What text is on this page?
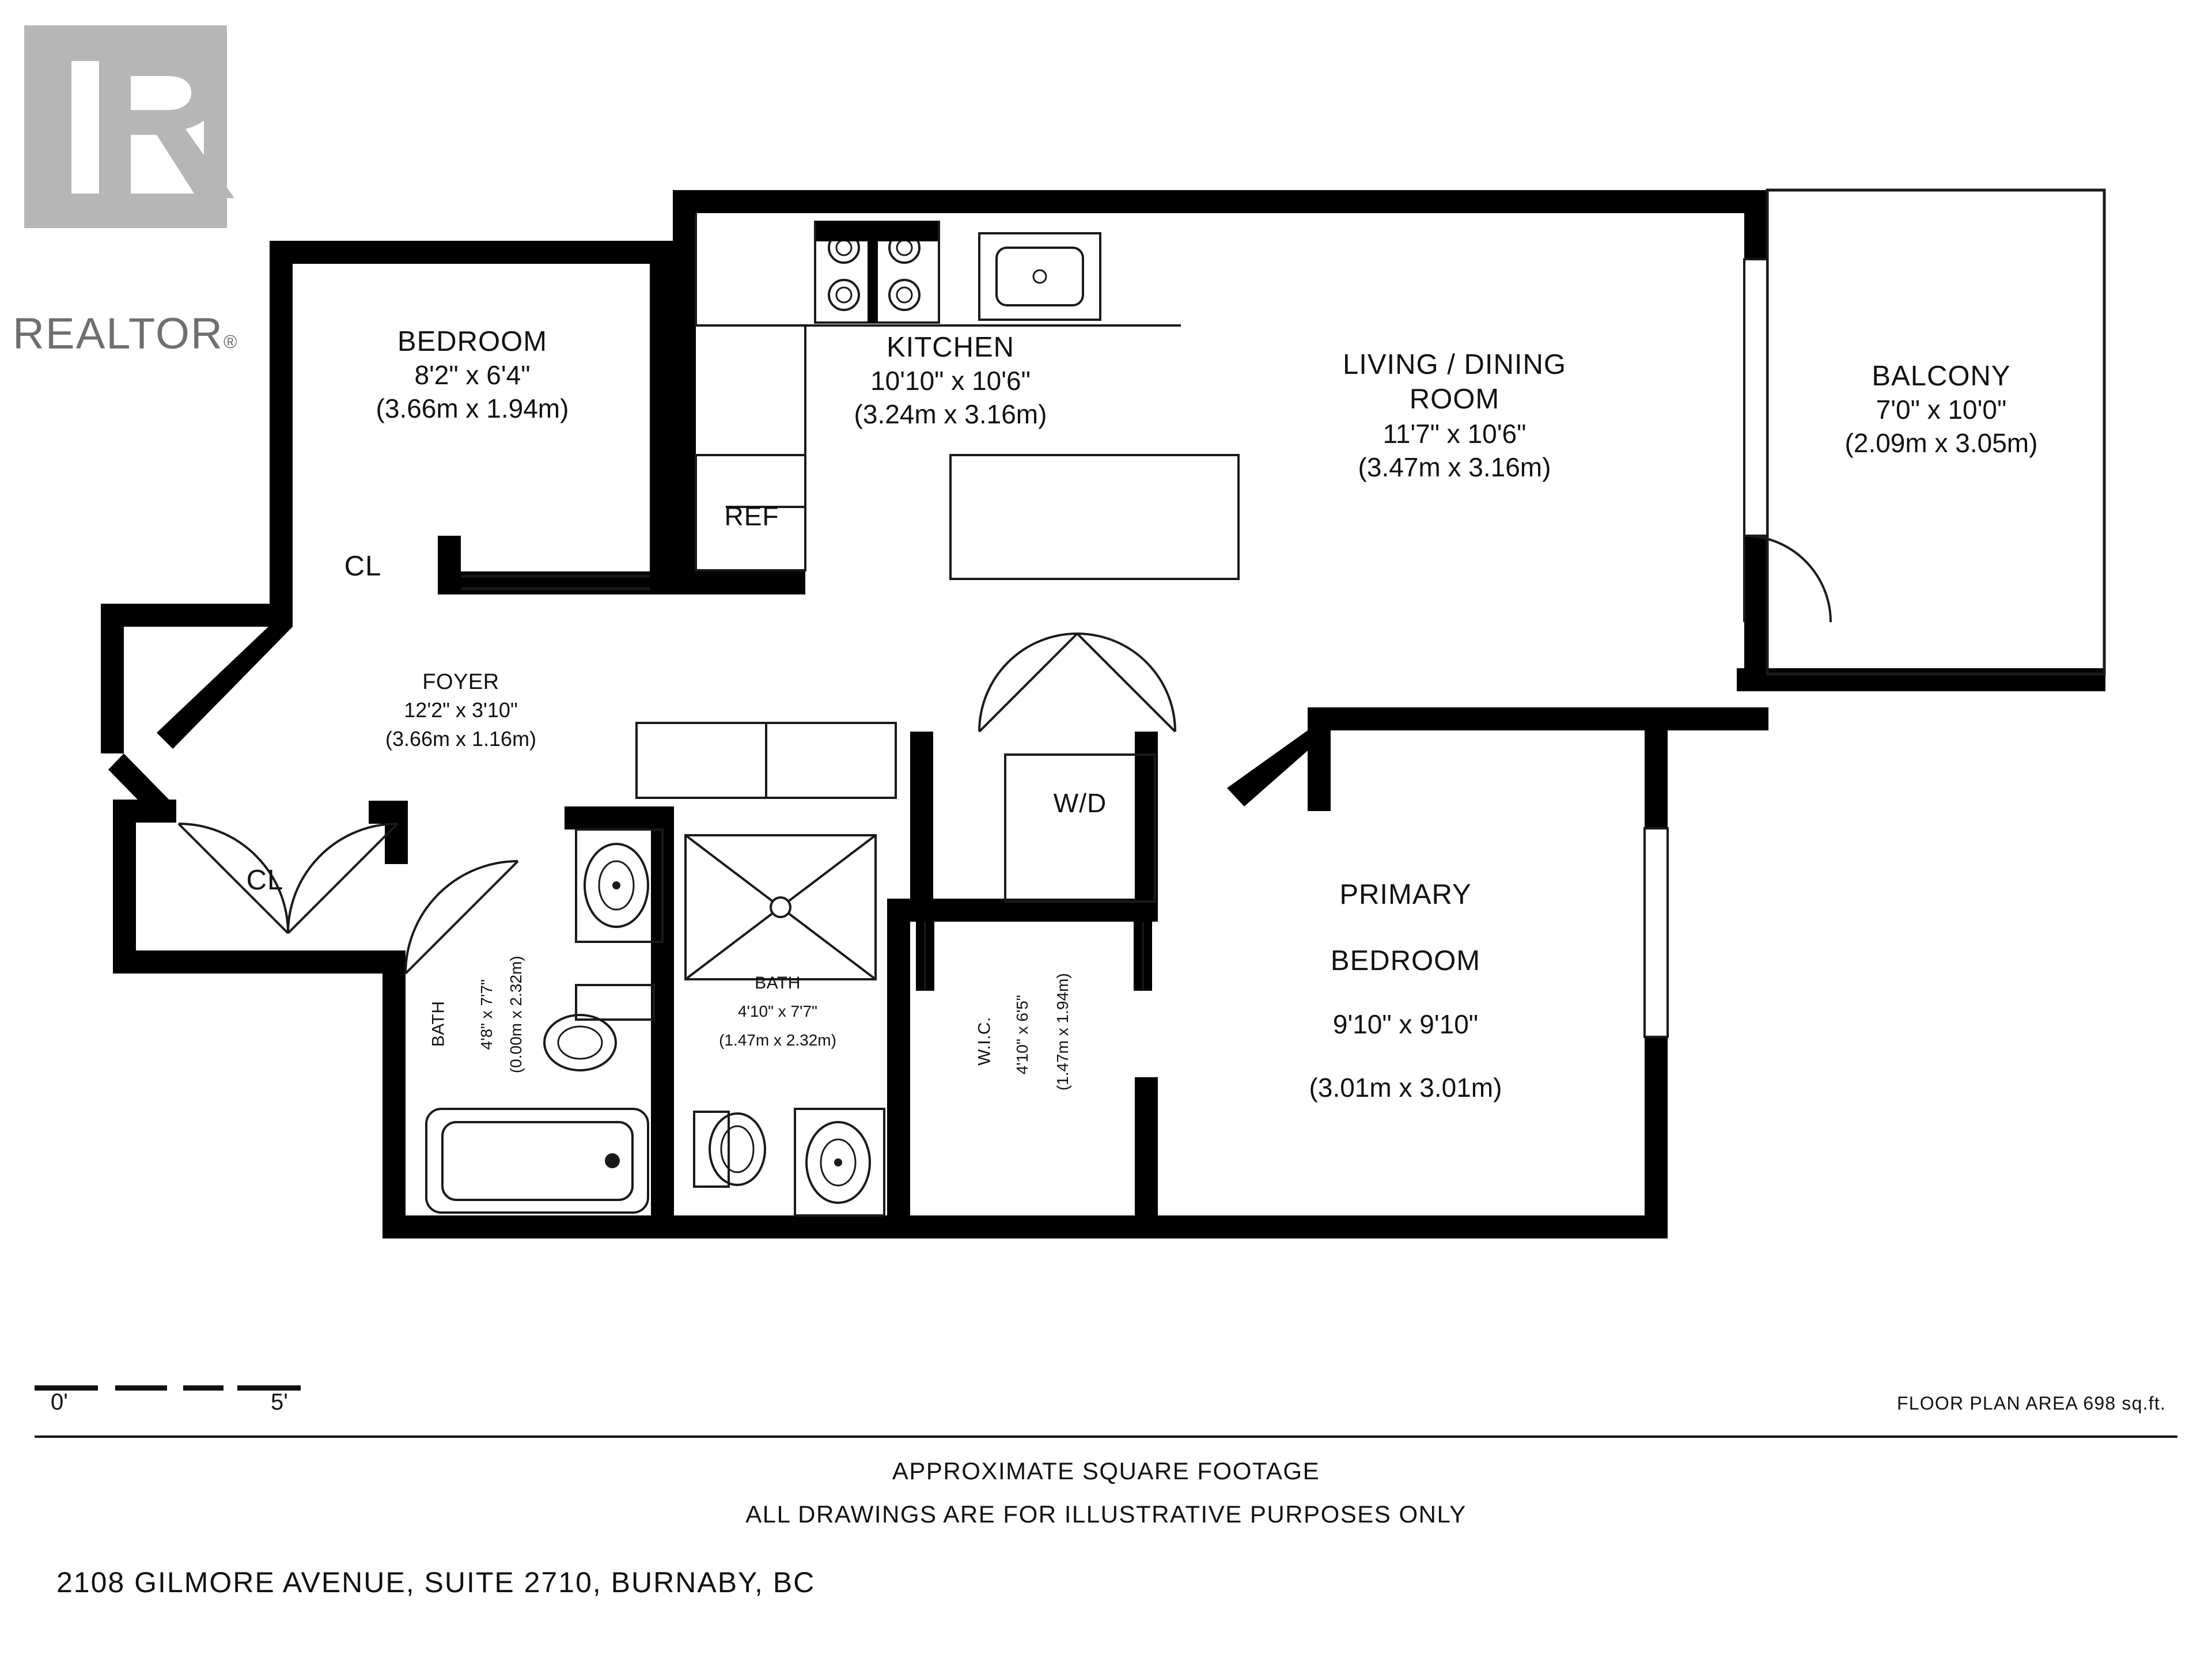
REALTOR®	BEDROOM
8'2" x 6'4"
(3.66m x 1.94m)
KITCHEN
10'10" x 10'6"
(3.24m x 3.16m)
LIVING / DINING
ROOM
11'7" x 10'6"
(3.47m x 3.16m)
BALCONY
7'0" x 10'0"
(2.09m x 3.05m)
FOYER
12'2" x 3'10"
(3.66m x 1.16m)
PRIMARY
BEDROOM
9'10" x 9'10"
(3.01m x 3.01m)
BATH
4'10" x 7'7"
(1.47m x 2.32m)
BATH 4'8" x 7'7" (0.00m x 2.32m)	W.I.C. 4'10" x 6'5" (1.47m x 1.94m)
CL
CL
REF
W/D
0'	5'	FLOOR PLAN AREA 698 sq.ft.
APPROXIMATE SQUARE FOOTAGE
ALL DRAWINGS ARE FOR ILLUSTRATIVE PURPOSES ONLY
2108 GILMORE AVENUE, SUITE 2710, BURNABY, BC
